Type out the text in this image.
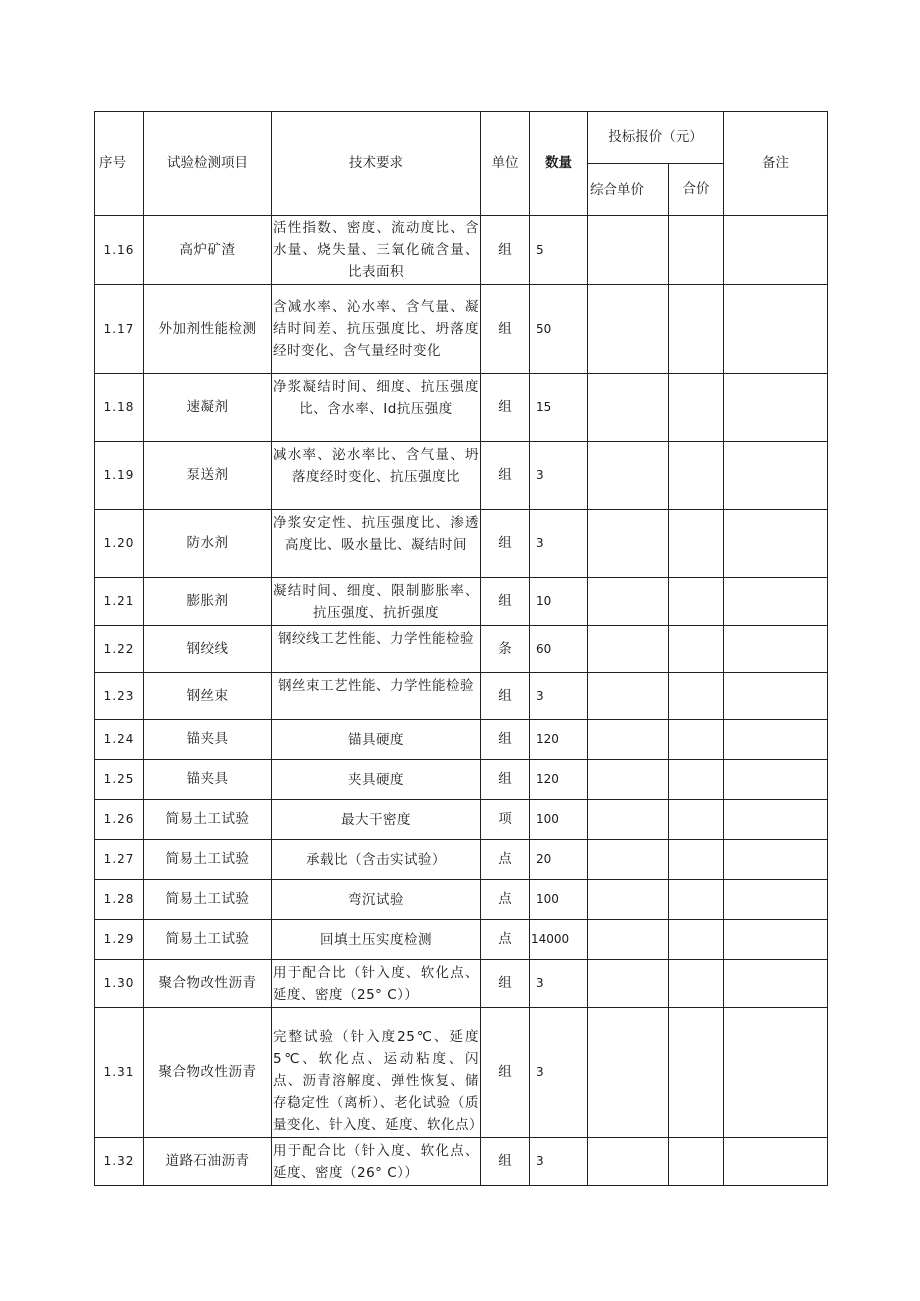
序号	试验检测项目	技术要求	单位	数量	投标报价（元）		备注
					综合单价	合价	
1.16	高炉矿渣	活性指数、密度、流动度比、含水量、烧失量、三氧化硫含量、比表面积	组	5			
1.17	外加剂性能检测	含减水率、沁水率、含气量、凝结时间差、抗压强度比、坍落度经时变化、含气量经时变化	组	50			
1.18	速凝剂	净浆凝结时间、细度、抗压强度比、含水率、Id抗压强度	组	15			
1.19	泵送剂	减水率、泌水率比、含气量、坍落度经时变化、抗压强度比	组	3			
1.20	防水剂	净浆安定性、抗压强度比、渗透高度比、吸水量比、凝结时间	组	3			
1.21	膨胀剂	凝结时间、细度、限制膨胀率、抗压强度、抗折强度	组	10			
1.22	钢绞线	钢绞线工艺性能、力学性能检验	条	60			
1.23	钢丝束	钢丝束工艺性能、力学性能检验	组	3			
1.24	锚夹具	锚具硬度	组	120			
1.25	锚夹具	夹具硬度	组	120			
1.26	简易土工试验	最大干密度	项	100			
1.27	简易土工试验	承载比（含击实试验）	点	20			
1.28	简易土工试验	弯沉试验	点	100			
1.29	简易土工试验	回填土压实度检测	点	14000			
1.30	聚合物改性沥青	用于配合比（针入度、软化点、延度、密度（25° C））	组	3			
1.31	聚合物改性沥青	完整试验（针入度25℃、延度5℃、软化点、运动粘度、闪点、沥青溶解度、弹性恢复、储存稳定性（离析）、老化试验（质量变化、针入度、延度、软化点）	组	3			
1.32	道路石油沥青	用于配合比（针入度、软化点、延度、密度（26° C））	组	3			
